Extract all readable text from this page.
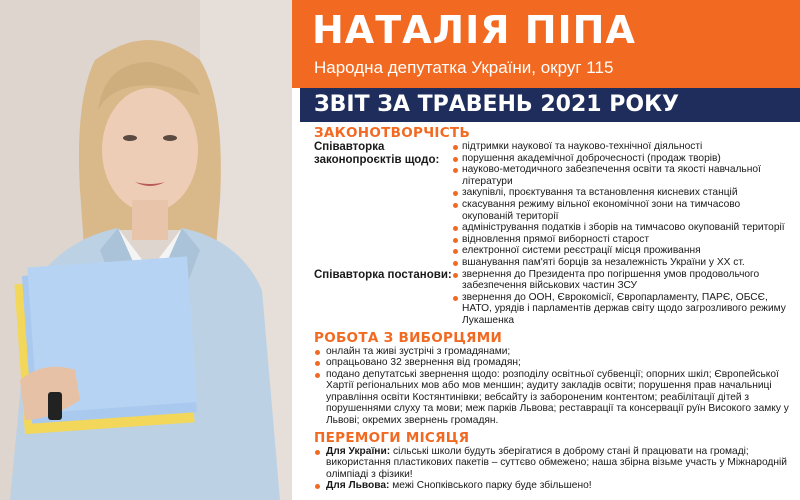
НАТАЛІЯ ПІПА
Народна депутатка України, округ 115
ЗВІТ ЗА ТРАВЕНЬ 2021 РОКУ
ЗАКОНОТВОРЧІСТЬ
Співавторка законопроєктів щодо:
підтримки наукової та науково-технічної діяльності
порушення академічної доброчесності (продаж творів)
науково-методичного забезпечення освіти та якості навчальної літератури
закупівлі, проєктування та встановлення кисневих станцій
скасування режиму вільної економічної зони на тимчасово окупованій території
адміністрування податків і зборів на тимчасово окупованій території
відновлення прямої виборності старост
електронної системи реєстрації місця проживання
вшанування пам'яті борців за незалежність України у XX ст.
Співавторка постанови:	звернення до Президента про погіршення умов продовольчого забезпечення військових частин ЗСУ
звернення до ООН, Єврокомісії, Європарламенту, ПАРЄ, ОБСЄ, НАТО, урядів і парламентів держав світу щодо загрозливого режиму Лукашенка
РОБОТА З ВИБОРЦЯМИ
онлайн та живі зустрічі з громадянами;
опрацьовано 32 звернення від громадян;
подано депутатські звернення щодо: розподілу освітньої субвенції; опорних шкіл; Європейської Хартії регіональних мов або мов меншин; аудиту закладів освіти; порушення прав начальниці управління освіти Костянтинівки; вебсайту із забороненим контентом; реабілітації дітей з порушеннями слуху та мови; меж парків Львова; реставрації та консервації руїн Високого замку у Львові; окремих звернень громадян.
ПЕРЕМОГИ МІСЯЦЯ
Для України: сільські школи будуть зберігатися в доброму стані й працювати на громаді; використання пластикових пакетів – суттєво обмежено; наша збірна візьме участь у Міжнародній олімпіаді з фізики!
Для Львова: межі Снопківського парку буде збільшено!
